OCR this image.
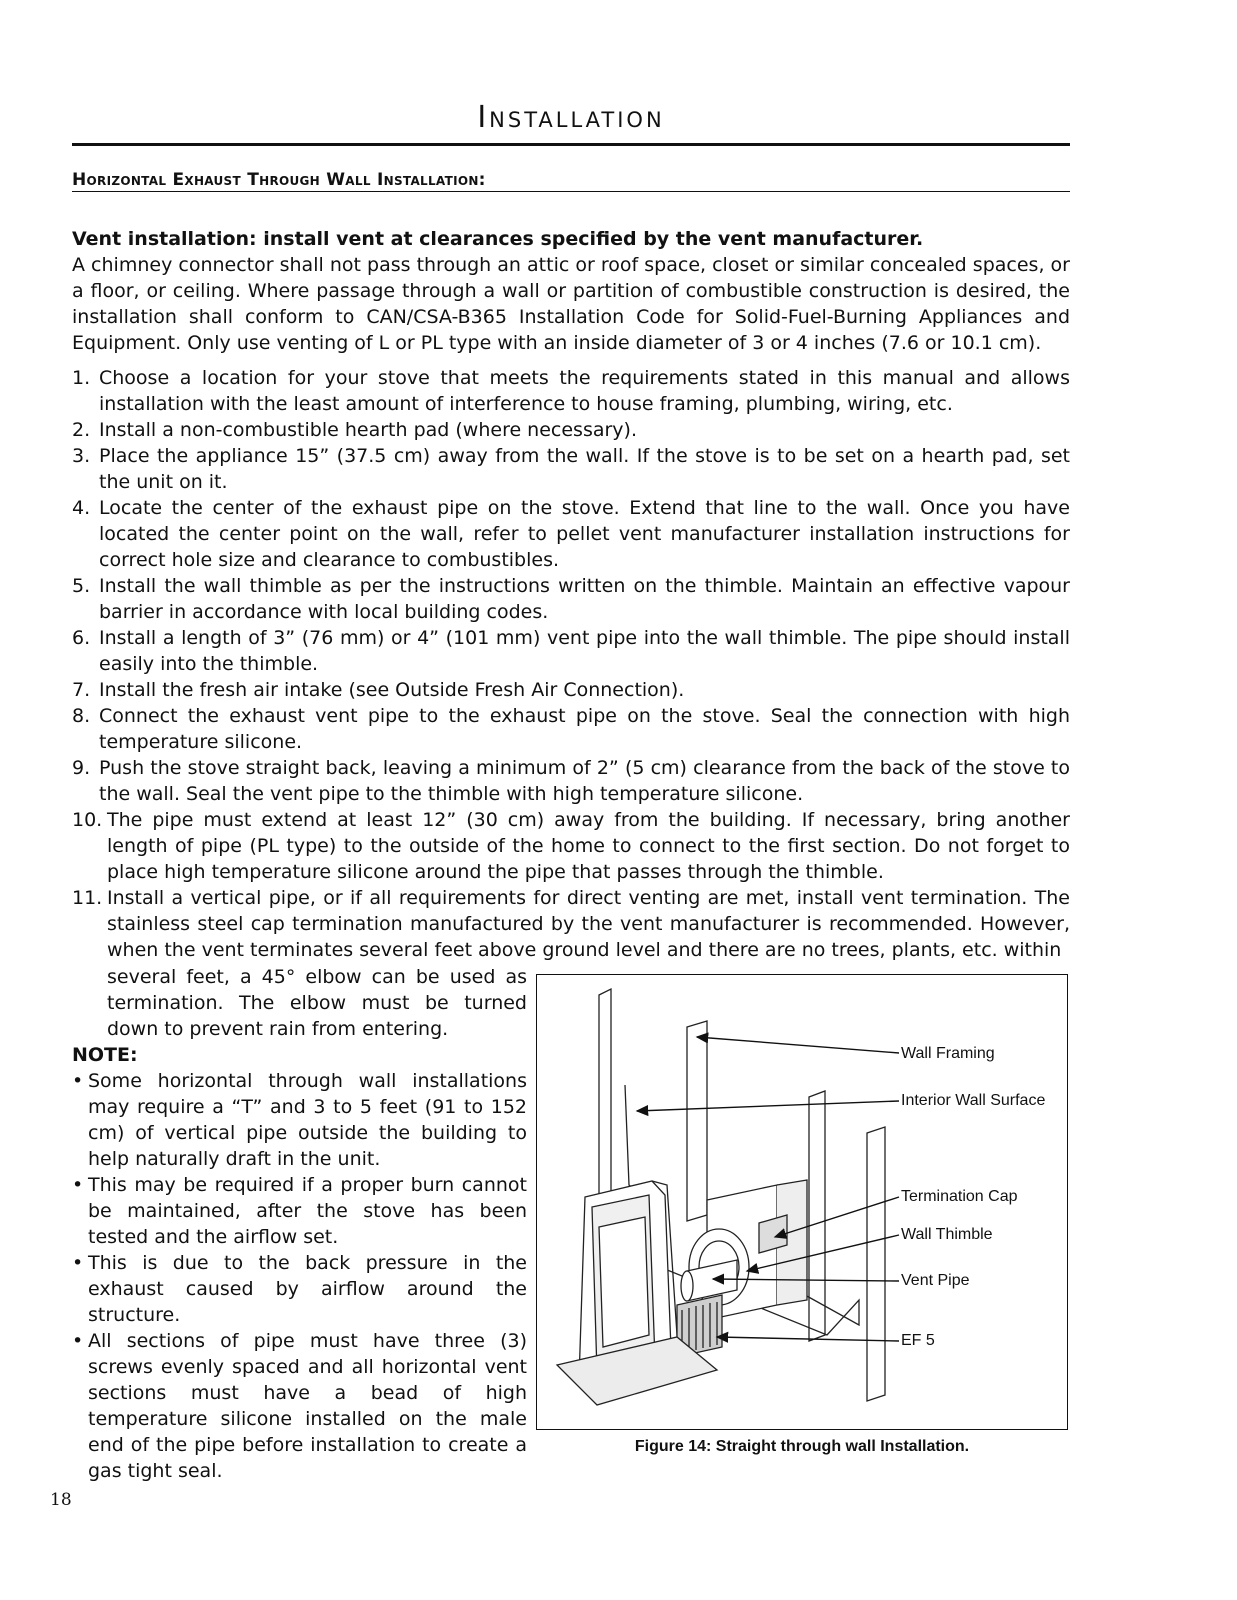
Installation
Horizontal Exhaust Through Wall Installation:

Vent installation: install vent at clearances specified by the vent manufacturer.

A chimney connector shall not pass through an attic or roof space, closet or similar concealed spaces, or a floor, or ceiling. Where passage through a wall or partition of combustible construction is desired, the installation shall conform to CAN/CSA-B365 Installation Code for Solid-Fuel-Burning Appliances and Equipment. Only use venting of L or PL type with an inside diameter of 3 or 4 inches (7.6 or 10.1 cm).

1. Choose a location for your stove that meets the requirements stated in this manual and allows installation with the least amount of interference to house framing, plumbing, wiring, etc.
2. Install a non-combustible hearth pad (where necessary).
3. Place the appliance 15” (37.5 cm) away from the wall. If the stove is to be set on a hearth pad, set the unit on it.
4. Locate the center of the exhaust pipe on the stove. Extend that line to the wall. Once you have located the center point on the wall, refer to pellet vent manufacturer installation instructions for correct hole size and clearance to combustibles.
5. Install the wall thimble as per the instructions written on the thimble. Maintain an effective vapour barrier in accordance with local building codes.
6. Install a length of 3” (76 mm) or 4” (101 mm) vent pipe into the wall thimble. The pipe should install easily into the thimble.
7. Install the fresh air intake (see Outside Fresh Air Connection).
8. Connect the exhaust vent pipe to the exhaust pipe on the stove. Seal the connection with high temperature silicone.
9. Push the stove straight back, leaving a minimum of 2” (5 cm) clearance from the back of the stove to the wall. Seal the vent pipe to the thimble with high temperature silicone.
10. The pipe must extend at least 12” (30 cm) away from the building. If necessary, bring another length of pipe (PL type) to the outside of the home to connect to the first section. Do not forget to place high temperature silicone around the pipe that passes through the thimble.
11. Install a vertical pipe, or if all requirements for direct venting are met, install vent termination. The stainless steel cap termination manufactured by the vent manufacturer is recommended. However, when the vent terminates several feet above ground level and there are no trees, plants, etc. within
several feet, a 45° elbow can be used as termination. The elbow must be turned down to prevent rain from entering.

NOTE:

• Some horizontal through wall installations may require a “T” and 3 to 5 feet (91 to 152 cm) of vertical pipe outside the building to help naturally draft in the unit.
• This may be required if a proper burn cannot be maintained, after the stove has been tested and the airflow set.
• This is due to the back pressure in the exhaust caused by airflow around the structure.
• All sections of pipe must have three (3) screws evenly spaced and all horizontal vent sections must have a bead of high temperature silicone installed on the male end of the pipe before installation to create a gas tight seal.
Wall Framing
Interior Wall Surface
Termination Cap
Wall Thimble
Vent Pipe
EF 5

Figure 14: Straight through wall Installation.

18
